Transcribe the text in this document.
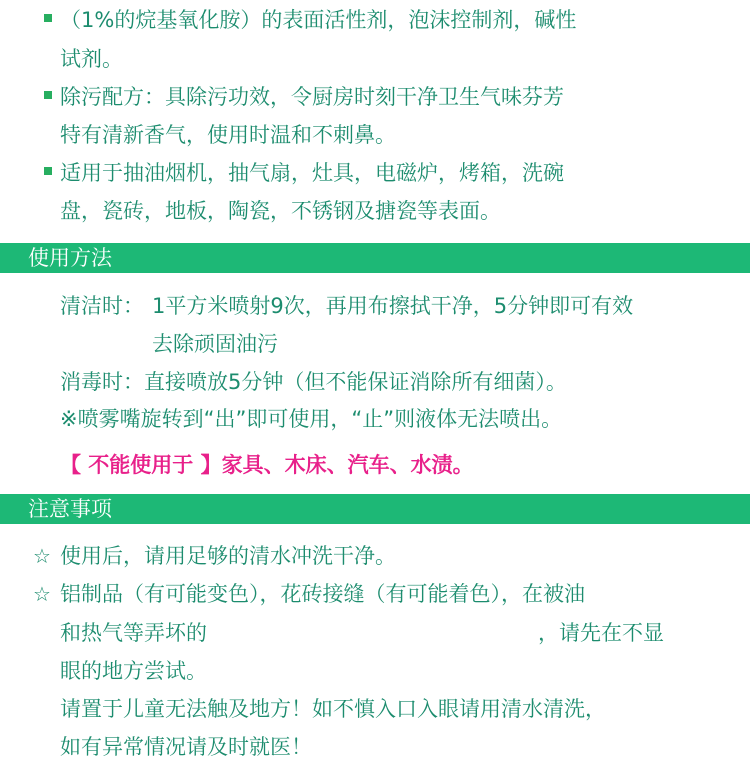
（1%的烷基氧化胺）的表面活性剂，泡沫控制剂，碱性
试剂。
除污配方：具除污功效，令厨房时刻干净卫生气味芬芳
特有清新香气，使用时温和不刺鼻。
适用于抽油烟机，抽气扇，灶具，电磁炉，烤箱，洗碗
盘，瓷砖，地板，陶瓷，不锈钢及搪瓷等表面。
使用方法
清洁时： 1平方米喷射9次，再用布擦拭干净，5分钟即可有效
去除顽固油污
消毒时：直接喷放5分钟（但不能保证消除所有细菌）。
※喷雾嘴旋转到“出”即可使用，“止”则液体无法喷出。
【 不能使用于 】家具、木床、汽车、水渍。
注意事项
☆ 使用后，请用足够的清水冲洗干净。
☆ 铝制品（有可能变色），花砖接缝（有可能着色），在被油
和热气等弄坏的	，请先在不显
眼的地方尝试。
请置于儿童无法触及地方！如不慎入口入眼请用清水清洗，
如有异常情况请及时就医！
